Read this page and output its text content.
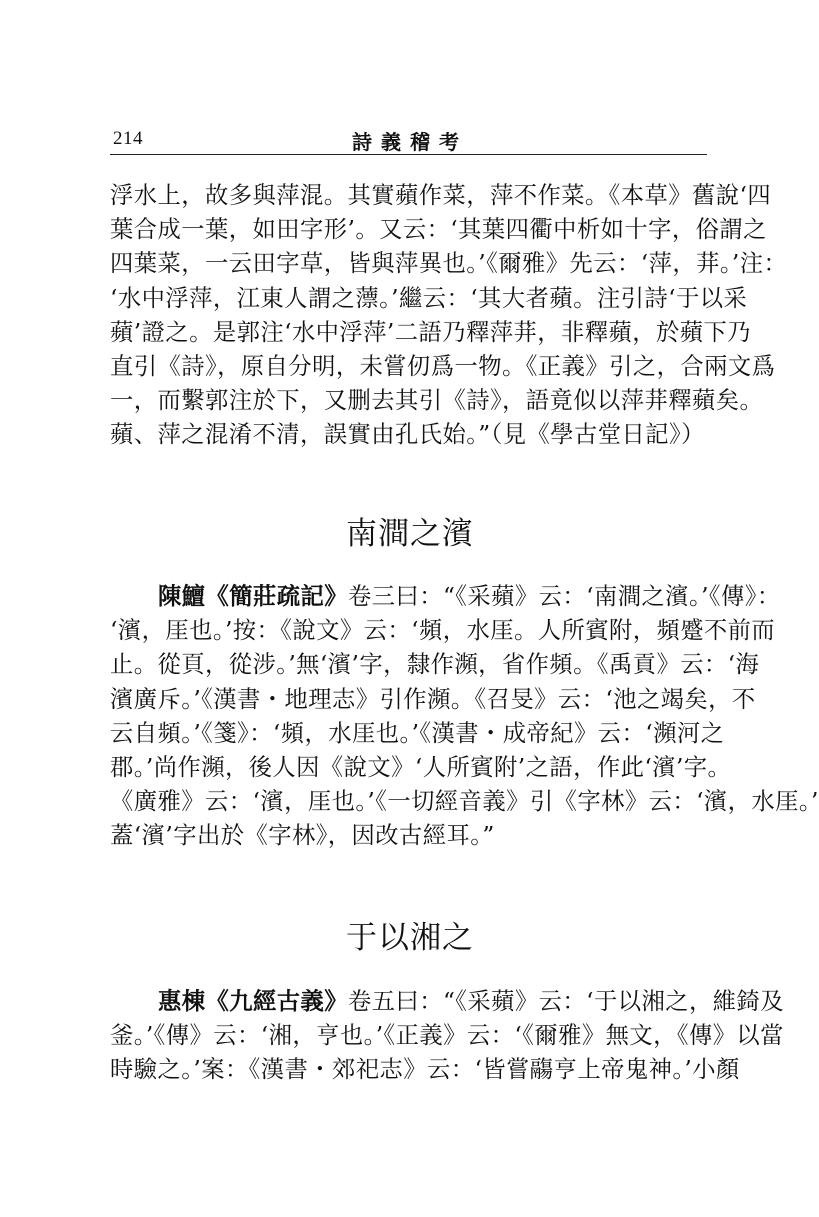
214	詩義稽考
浮水上，故多與萍混。其實蘋作菜，萍不作菜。《本草》舊說‘四
葉合成一葉，如田字形’。又云：‘其葉四衢中析如十字，俗謂之
四葉菜，一云田字草，皆與萍異也。’《爾雅》先云：‘萍，荓。’注：
‘水中浮萍，江東人謂之薸。’繼云：‘其大者蘋。注引詩‘于以采
蘋’證之。是郭注‘水中浮萍’二語乃釋萍荓，非釋蘋，於蘋下乃
直引《詩》，原自分明，未嘗仞爲一物。《正義》引之，合兩文爲
一，而繫郭注於下，又删去其引《詩》，語竟似以萍荓釋蘋矣。
蘋、萍之混淆不清，誤實由孔氏始。”（見《學古堂日記》）
南澗之濱
陳鱣《簡莊疏記》卷三曰：“《采蘋》云：‘南澗之濱。’《傳》：
‘濱，厓也。’按：《說文》云：‘頻，水厓。人所賓附，頻蹙不前而
止。從頁，從涉。’無‘濱’字，隸作瀕，省作頻。《禹貢》云：‘海
濱廣斥。’《漢書・地理志》引作瀕。《召旻》云：‘池之竭矣，不
云自頻。’《箋》：‘頻，水厓也。’《漢書・成帝紀》云：‘瀕河之
郡。’尚作瀕，後人因《說文》‘人所賓附’之語，作此‘濱’字。
《廣雅》云：‘濱，厓也。’《一切經音義》引《字林》云：‘濱，水厓。’
蓋‘濱’字出於《字林》，因改古經耳。”
于以湘之
惠棟《九經古義》卷五曰：“《采蘋》云：‘于以湘之，維錡及
釜。’《傳》云：‘湘，亨也。’《正義》云：‘《爾雅》無文，《傳》以當
時驗之。’案：《漢書・郊祀志》云：‘皆嘗鬺亨上帝鬼神。’小顏
